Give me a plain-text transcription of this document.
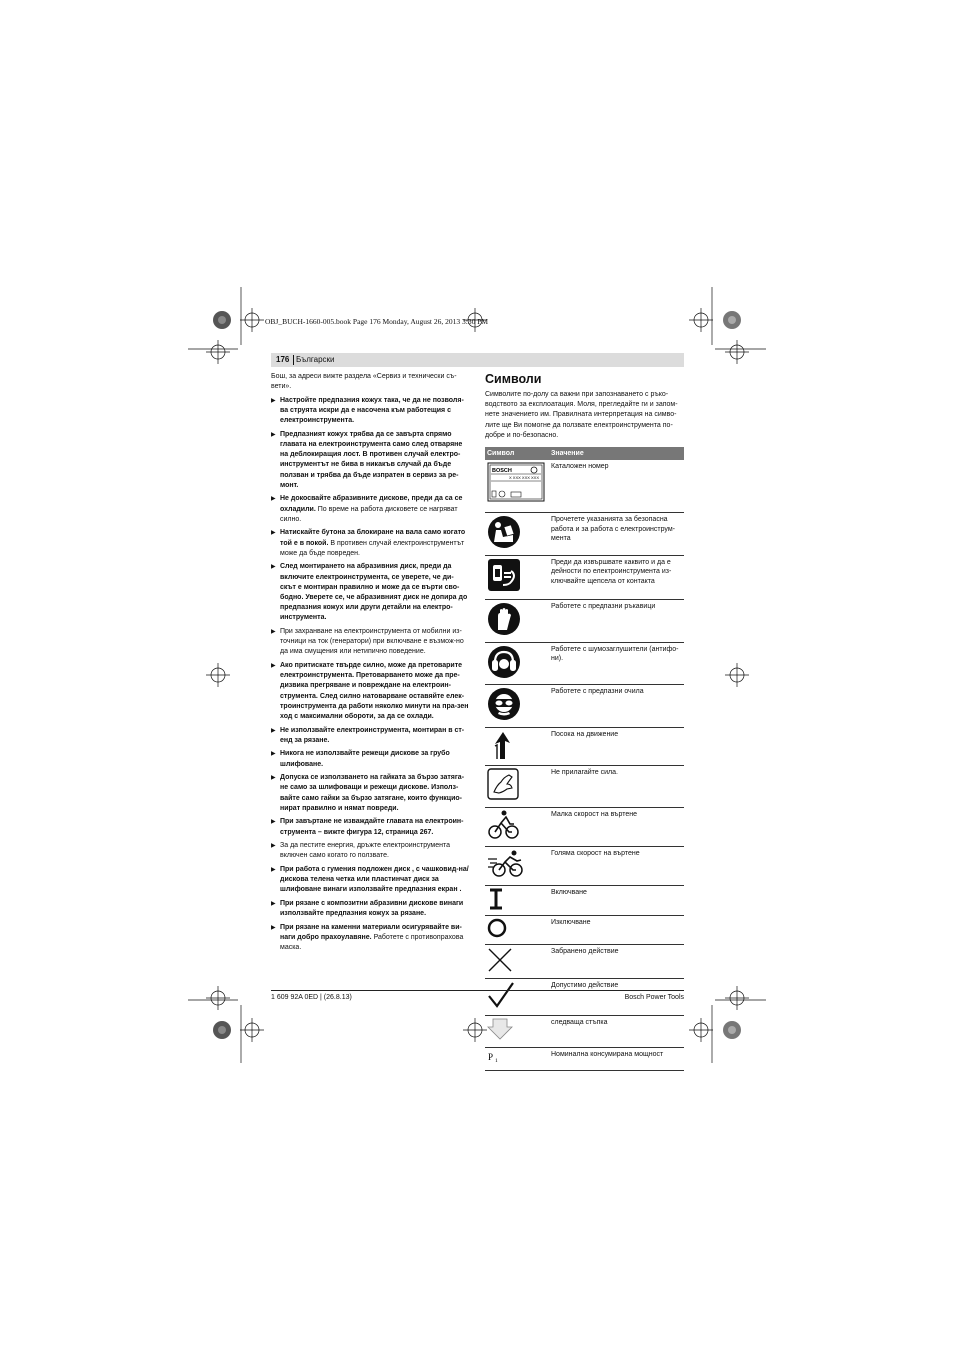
OBJ_BUCH-1660-005.book Page 176 Monday, August 26, 2013 3:30 PM
176 Български

Бош, за адреси вижте раздела «Сервиз и технически съ-вети».

▶ Настройте предпазния кожух така, че да не позволя-ва струята искри да е насочена към работещия с електроинструмента.
▶ Предпазният кожух трябва да се завърта спрямо главата на електроинструмента само след отваряне на деблокиращия лост. В противен случай електро-инструментът не бива в никакъв случай да бъде ползван и трябва да бъде изпратен в сервиз за ре-монт.
▶ Не докосвайте абразивните дискове, преди да са се охладили. По време на работа дисковете се нагряват силно.
▶ Натискайте бутона за блокиране на вала само когато той е в покой. В противен случай електроинструментът може да бъде повреден.
▶ След монтирането на абразивния диск, преди да включите електроинструмента, се уверете, че ди-скът е монтиран правилно и може да се върти сво-бодно. Уверете се, че абразивният диск не допира до предпазния кожух или други детайли на електро-инструмента.
▶ При захранване на електроинструмента от мобилни из-точници на ток (генератори) при включване е възмож-но да има смущения или нетипично поведение.
▶ Ако притискате твърде силно, може да претоварите електроинструмента. Претоварването може да пре-дизвика прегряване и повреждане на електроин-струмента. След силно натоварване оставяйте елек-троинструмента да работи няколко минути на пра-зен ход с максимални обороти, за да се охлади.
▶ Не използвайте електроинструмента, монтиран в ст-енд за рязане.
▶ Никога не използвайте режещи дискове за грубо шлифоване.
▶ Допуска се използването на гайката за бързо затяга-не само за шлифоващи и режещи дискове. Използ-вайте само гайки за бързо затягане, които функцио-нират правилно и нямат повреди.
▶ При завъртане не изваждайте главата на електроин-струмента – вижте фигура 12, страница 267.
▶ За да пестите енергия, дръжте електроинструмента включен само когато го ползвате.
▶ При работа с гумения подложен диск , с чашковид-на/дискова телена четка или пластинчат диск за шлифоване винаги използвайте предпазния екран .
▶ При рязане с композитни абразивни дискове винаги използвайте предпазния кожух за рязане.
▶ При рязане на каменни материали осигурявайте ви-наги добро прахоулавяне. Работете с противопрахова маска.
Символи
Символите по-долу са важни при запознаването с ръко-водството за експлоатация. Моля, прегледайте ги и запом-нете значението им. Правилната интерпретация на симво-лите ще Ви помогне да ползвате електроинструмента по-добре и по-безопасно.
Символ	Значение

BOSCH
X XXX XXX XXX	Каталожен номер
	Прочетете указанията за безопасна работа и за работа с електроинструм-мента
	Преди да извършвате каквито и да е дейности по електроинструмента из-ключвайте щепсела от контакта
	Работете с предпазни ръкавици
	Работете с шумозаглушители (антифо-ни).
	Работете с предпазни очила
	Посока на движение
	Не прилагайте сила.
	Малка скорост на въртене
	Голяма скорост на въртене
	Включване
	Изключване
	Забранено действие
	Допустимо действие
	следваща стъпка

P 1	Номинална консумирана мощност
1 609 92A 0ED | (26.8.13)	Bosch Power Tools
